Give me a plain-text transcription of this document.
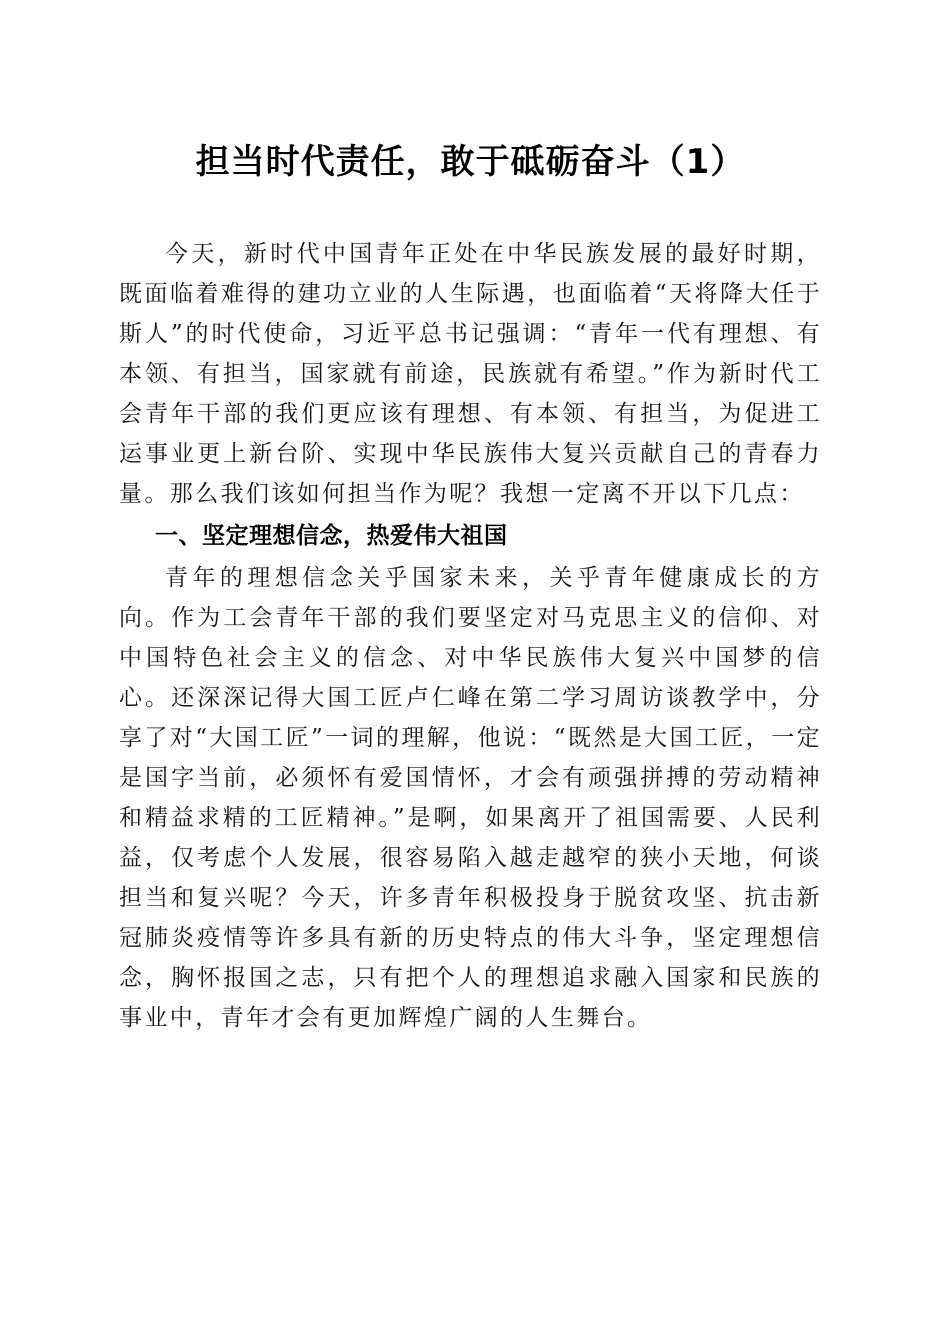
担当时代责任，敢于砥砺奋斗（1）

今天，新时代中国青年正处在中华民族发展的最好时期，既面临着难得的建功立业的人生际遇，也面临着“天将降大任于斯人”的时代使命，习近平总书记强调：“青年一代有理想、有本领、有担当，国家就有前途，民族就有希望。”作为新时代工会青年干部的我们更应该有理想、有本领、有担当，为促进工运事业更上新台阶、实现中华民族伟大复兴贡献自己的青春力量。那么我们该如何担当作为呢？我想一定离不开以下几点：

一、坚定理想信念，热爱伟大祖国

青年的理想信念关乎国家未来，关乎青年健康成长的方向。作为工会青年干部的我们要坚定对马克思主义的信仰、对中国特色社会主义的信念、对中华民族伟大复兴中国梦的信心。还深深记得大国工匠卢仁峰在第二学习周访谈教学中，分享了对“大国工匠”一词的理解，他说：“既然是大国工匠，一定是国字当前，必须怀有爱国情怀，才会有顽强拼搏的劳动精神和精益求精的工匠精神。”是啊，如果离开了祖国需要、人民利益，仅考虑个人发展，很容易陷入越走越窄的狭小天地，何谈担当和复兴呢？今天，许多青年积极投身于脱贫攻坚、抗击新冠肺炎疫情等许多具有新的历史特点的伟大斗争，坚定理想信念，胸怀报国之志，只有把个人的理想追求融入国家和民族的事业中，青年才会有更加辉煌广阔的人生舞台。
